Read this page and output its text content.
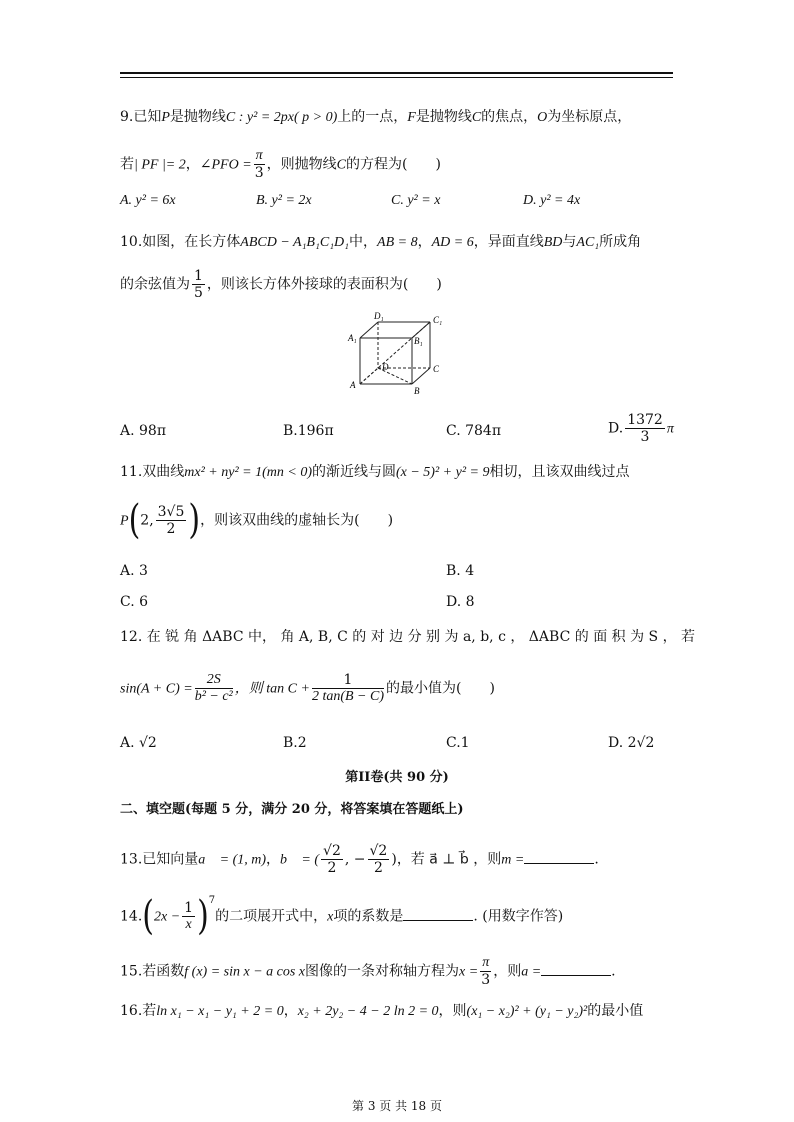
9.已知P是抛物线C : y² = 2px( p > 0)上的一点，F是抛物线C的焦点，O为坐标原点，
若| PF |= 2，∠PFO = $\frac{\pi}{3}$ ，则抛物线C的方程为(　　)
A. y² = 6x	B. y² = 2x	C. y² = x	D. y² = 4x
10.如图，在长方体ABCD − A₁B₁C₁D₁中，AB = 8，AD = 6，异面直线BD与AC₁所成角
的余弦值为 $\frac{1}{5}$ ，则该长方体外接球的表面积为(　　)
D₁	C₁
A₁	B₁
D	C
A
B
A. 98π	B.196π	C. 784π	D. $\frac{1372}{3}$ π
11.双曲线mx² + ny² = 1(mn < 0)的渐近线与圆(x − 5)² + y² = 9相切，且该双曲线过点
P(2, $\frac{3√5}{2}$ )，则该双曲线的虚轴长为(　　)
A. 3	B. 4
C. 6	D. 8
12. 在 锐 角 ΔABC 中， 角 A, B, C 的 对 边 分 别 为 a, b, c ， ΔABC 的 面 积 为 S ， 若
$\sin(A + C) = \frac{2S}{\text{b² − c²}}$ ，则 $\tan C + \frac{1}{2 \tan(B - C)}$ 的最小值为(　　)
A. √2	B.2	C.1	D. 2√2
第II卷(共 90 分)
二、填空题(每题 5 分，满分 20 分，将答案填在答题纸上)
13.已知向量a⃗ = (1, m)，b⃗ = ( $\frac{√2}{2}$ , − $\frac{√2}{2}$ )，若 a⃗ ⊥ b⃗ ，则m =	.
$14.(2x - \frac{1}{x} )^7$的二项展开式中，x项的系数是	. (用数字作答)
15.若函数f (x) = sin x − a cos x图像的一条对称轴方程为$x = \frac{\pi}{3}$ ，则a =	.
16.若ln x₁ − x₁ − y₁ + 2 = 0，x₂ + 2y₂ − 4 − 2 ln 2 = 0，则(x₁ − x₂)² + (y₁ − y₂)²的最小值
第 3 页 共 18 页
